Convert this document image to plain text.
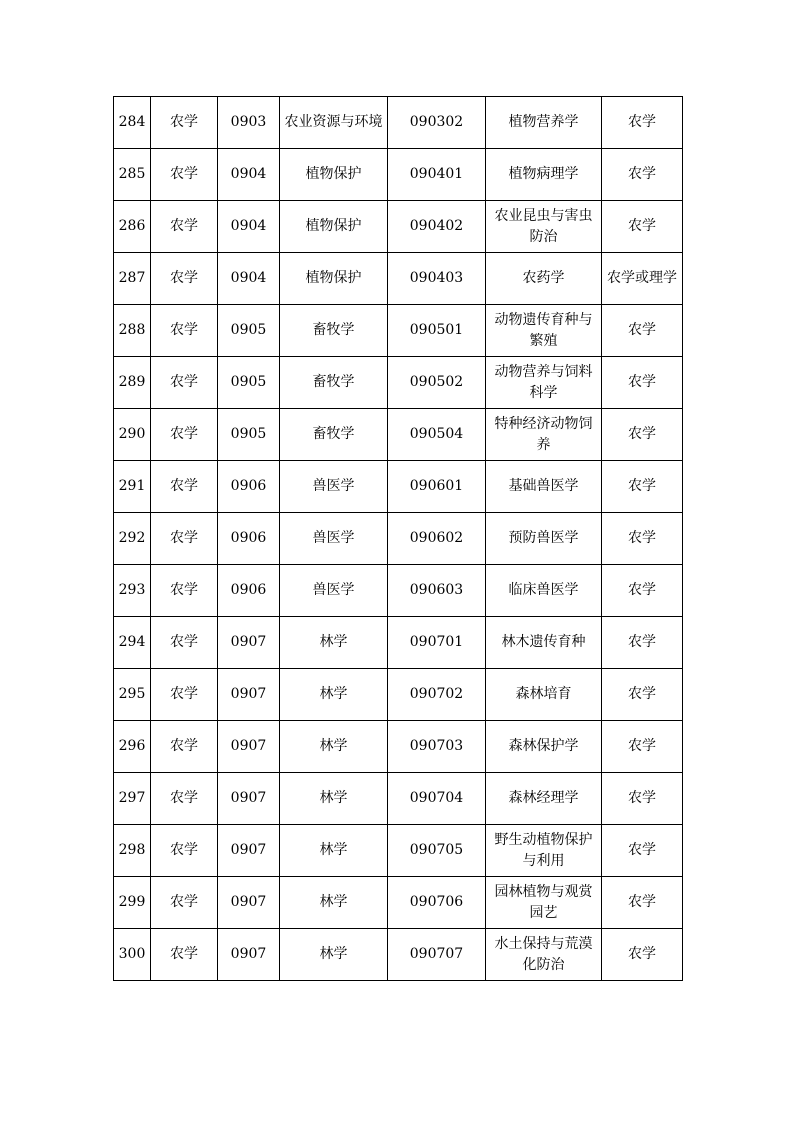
284	农学	0903	农业资源与环境	090302	植物营养学	农学
285	农学	0904	植物保护	090401	植物病理学	农学
286	农学	0904	植物保护	090402	农业昆虫与害虫防治	农学
287	农学	0904	植物保护	090403	农药学	农学或理学
288	农学	0905	畜牧学	090501	动物遗传育种与繁殖	农学
289	农学	0905	畜牧学	090502	动物营养与饲料科学	农学
290	农学	0905	畜牧学	090504	特种经济动物饲养	农学
291	农学	0906	兽医学	090601	基础兽医学	农学
292	农学	0906	兽医学	090602	预防兽医学	农学
293	农学	0906	兽医学	090603	临床兽医学	农学
294	农学	0907	林学	090701	林木遗传育种	农学
295	农学	0907	林学	090702	森林培育	农学
296	农学	0907	林学	090703	森林保护学	农学
297	农学	0907	林学	090704	森林经理学	农学
298	农学	0907	林学	090705	野生动植物保护与利用	农学
299	农学	0907	林学	090706	园林植物与观赏园艺	农学
300	农学	0907	林学	090707	水土保持与荒漠化防治	农学
